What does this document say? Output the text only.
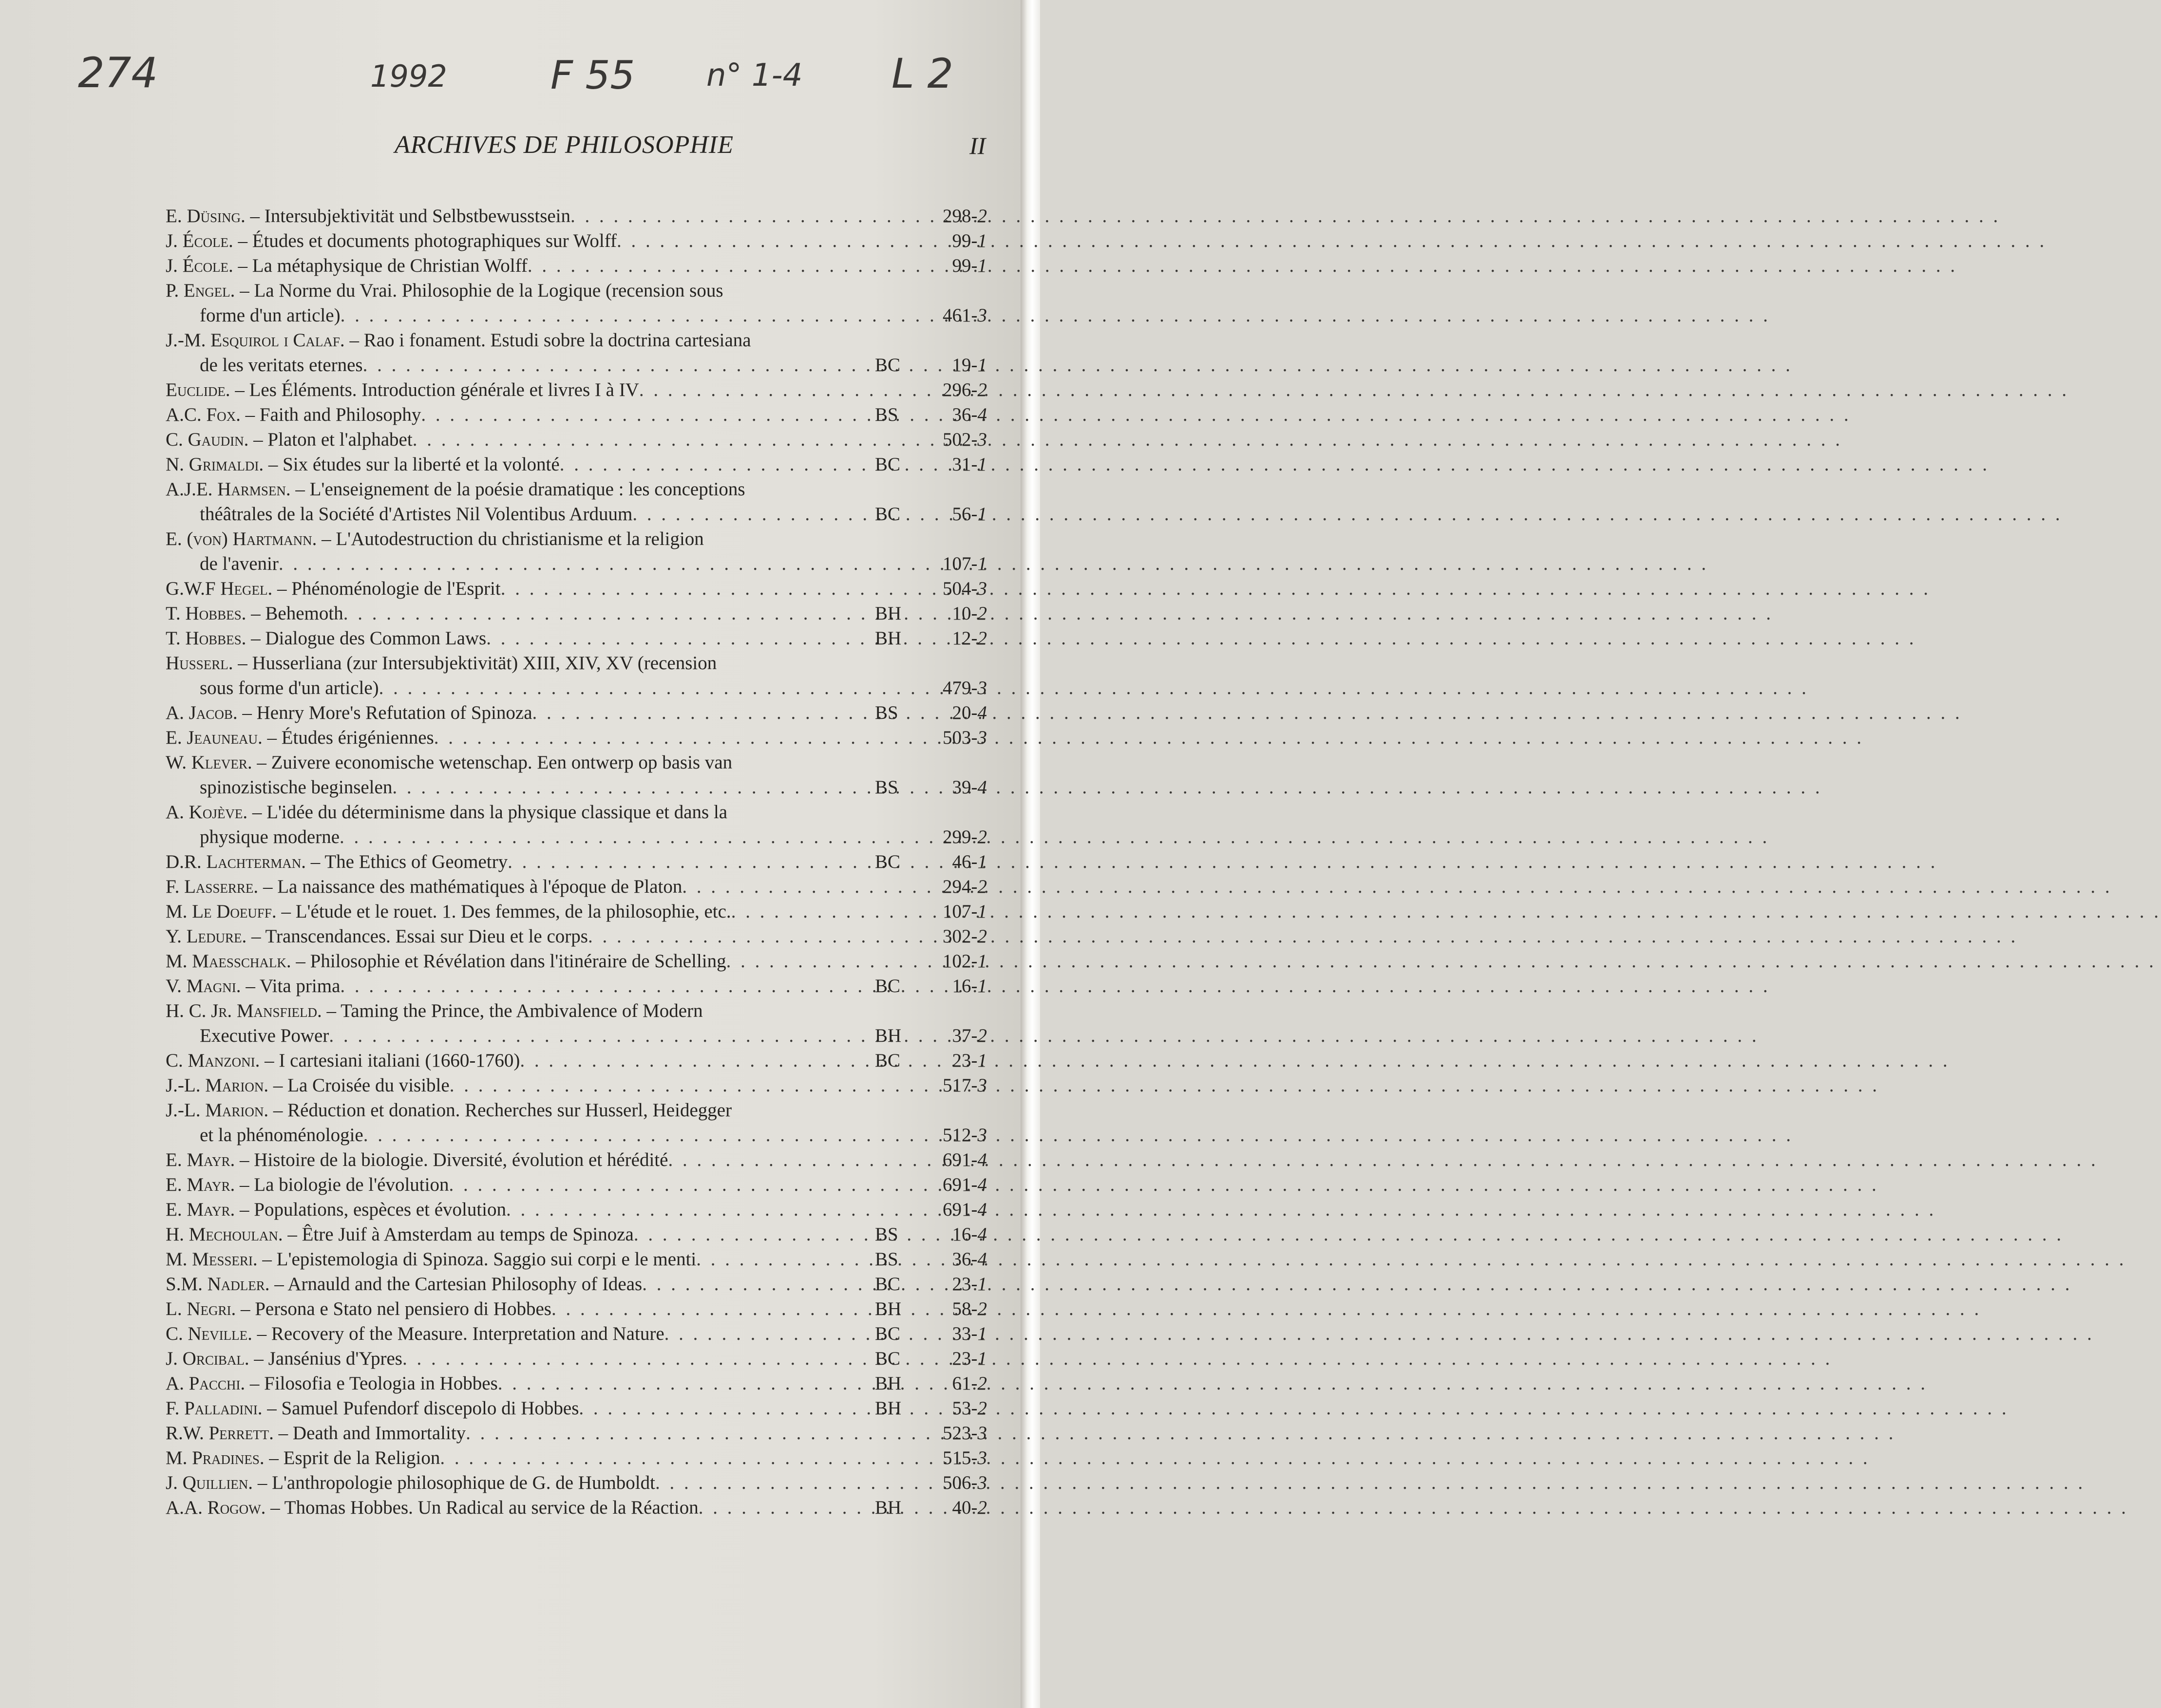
274	1992	F 55 n° 1-4 L 2
ARCHIVES DE PHILOSOPHIE	II
E. Düsing. – Intersubjektivität und Selbstbewusstsein . . .	298-2
J. École. – Études et documents photographiques sur Wolff . . .	99-1
J. École. – La métaphysique de Christian Wolff . . .	99-1
P. Engel. – La Norme du Vrai. Philosophie de la Logique (recension sous
forme d'un article) . . .	461-3
J.-M. Esquirol i Calaf. – Rao i fonament. Estudi sobre la doctrina cartesiana
de les veritats eternes . . .	BC	19-1
Euclide. – Les Éléments. Introduction générale et livres I à IV . . .	296-2
A.C. Fox. – Faith and Philosophy . . .	BS	36-4
C. Gaudin. – Platon et l'alphabet . . .	502-3
N. Grimaldi. – Six études sur la liberté et la volonté . . .	BC	31-1
A.J.E. Harmsen. – L'enseignement de la poésie dramatique : les conceptions
théâtrales de la Société d'Artistes Nil Volentibus Arduum . . .	BC	56-1
E. (von) Hartmann. – L'Autodestruction du christianisme et la religion
de l'avenir . . .	107-1
G.W.F Hegel. – Phénoménologie de l'Esprit . . .	504-3
T. Hobbes. – Behemoth . . .	BH	10-2
T. Hobbes. – Dialogue des Common Laws . . .	BH	12-2
Husserl. – Husserliana (zur Intersubjektivität) XIII, XIV, XV (recension
sous forme d'un article) . . .	479-3
A. Jacob. – Henry More's Refutation of Spinoza . . .	BS	20-4
E. Jeauneau. – Études érigéniennes . . .	503-3
W. Klever. – Zuivere economische wetenschap. Een ontwerp op basis van
spinozistische beginselen . . .	BS	39-4
A. Kojève. – L'idée du déterminisme dans la physique classique et dans la
physique moderne . . .	299-2
D.R. Lachterman. – The Ethics of Geometry . . .	BC	46-1
F. Lasserre. – La naissance des mathématiques à l'époque de Platon . . .	294-2
M. Le Doeuff. – L'étude et le rouet. 1. Des femmes, de la philosophie, etc. . . .	107-1
Y. Ledure. – Transcendances. Essai sur Dieu et le corps . . .	302-2
M. Maesschalk. – Philosophie et Révélation dans l'itinéraire de Schelling . . .	102-1
V. Magni. – Vita prima . . .	BC	16-1
H. C. Jr. Mansfield. – Taming the Prince, the Ambivalence of Modern
Executive Power . . .	BH	37-2
C. Manzoni. – I cartesiani italiani (1660-1760) . . .	BC	23-1
J.-L. Marion. – La Croisée du visible . . .	517-3
J.-L. Marion. – Réduction et donation. Recherches sur Husserl, Heidegger
et la phénoménologie . . .	512-3
E. Mayr. – Histoire de la biologie. Diversité, évolution et hérédité . . .	691-4
E. Mayr. – La biologie de l'évolution . . .	691-4
E. Mayr. – Populations, espèces et évolution . . .	691-4
H. Mechoulan. – Être Juif à Amsterdam au temps de Spinoza . . .	BS	16-4
M. Messeri. – L'epistemologia di Spinoza. Saggio sui corpi e le menti . . .	BS	36-4
S.M. Nadler. – Arnauld and the Cartesian Philosophy of Ideas . . .	BC	23-1
L. Negri. – Persona e Stato nel pensiero di Hobbes . . .	BH	58-2
C. Neville. – Recovery of the Measure. Interpretation and Nature . . .	BC	33-1
J. Orcibal. – Jansénius d'Ypres . . .	BC	23-1
A. Pacchi. – Filosofia e Teologia in Hobbes . . .	BH	61-2
F. Palladini. – Samuel Pufendorf discepolo di Hobbes . . .	BH	53-2
R.W. Perrett. – Death and Immortality . . .	523-3
M. Pradines. – Esprit de la Religion . . .	515-3
J. Quillien. – L'anthropologie philosophique de G. de Humboldt . . .	506-3
A.A. Rogow. – Thomas Hobbes. Un Radical au service de la Réaction . . .	BH	40-2
